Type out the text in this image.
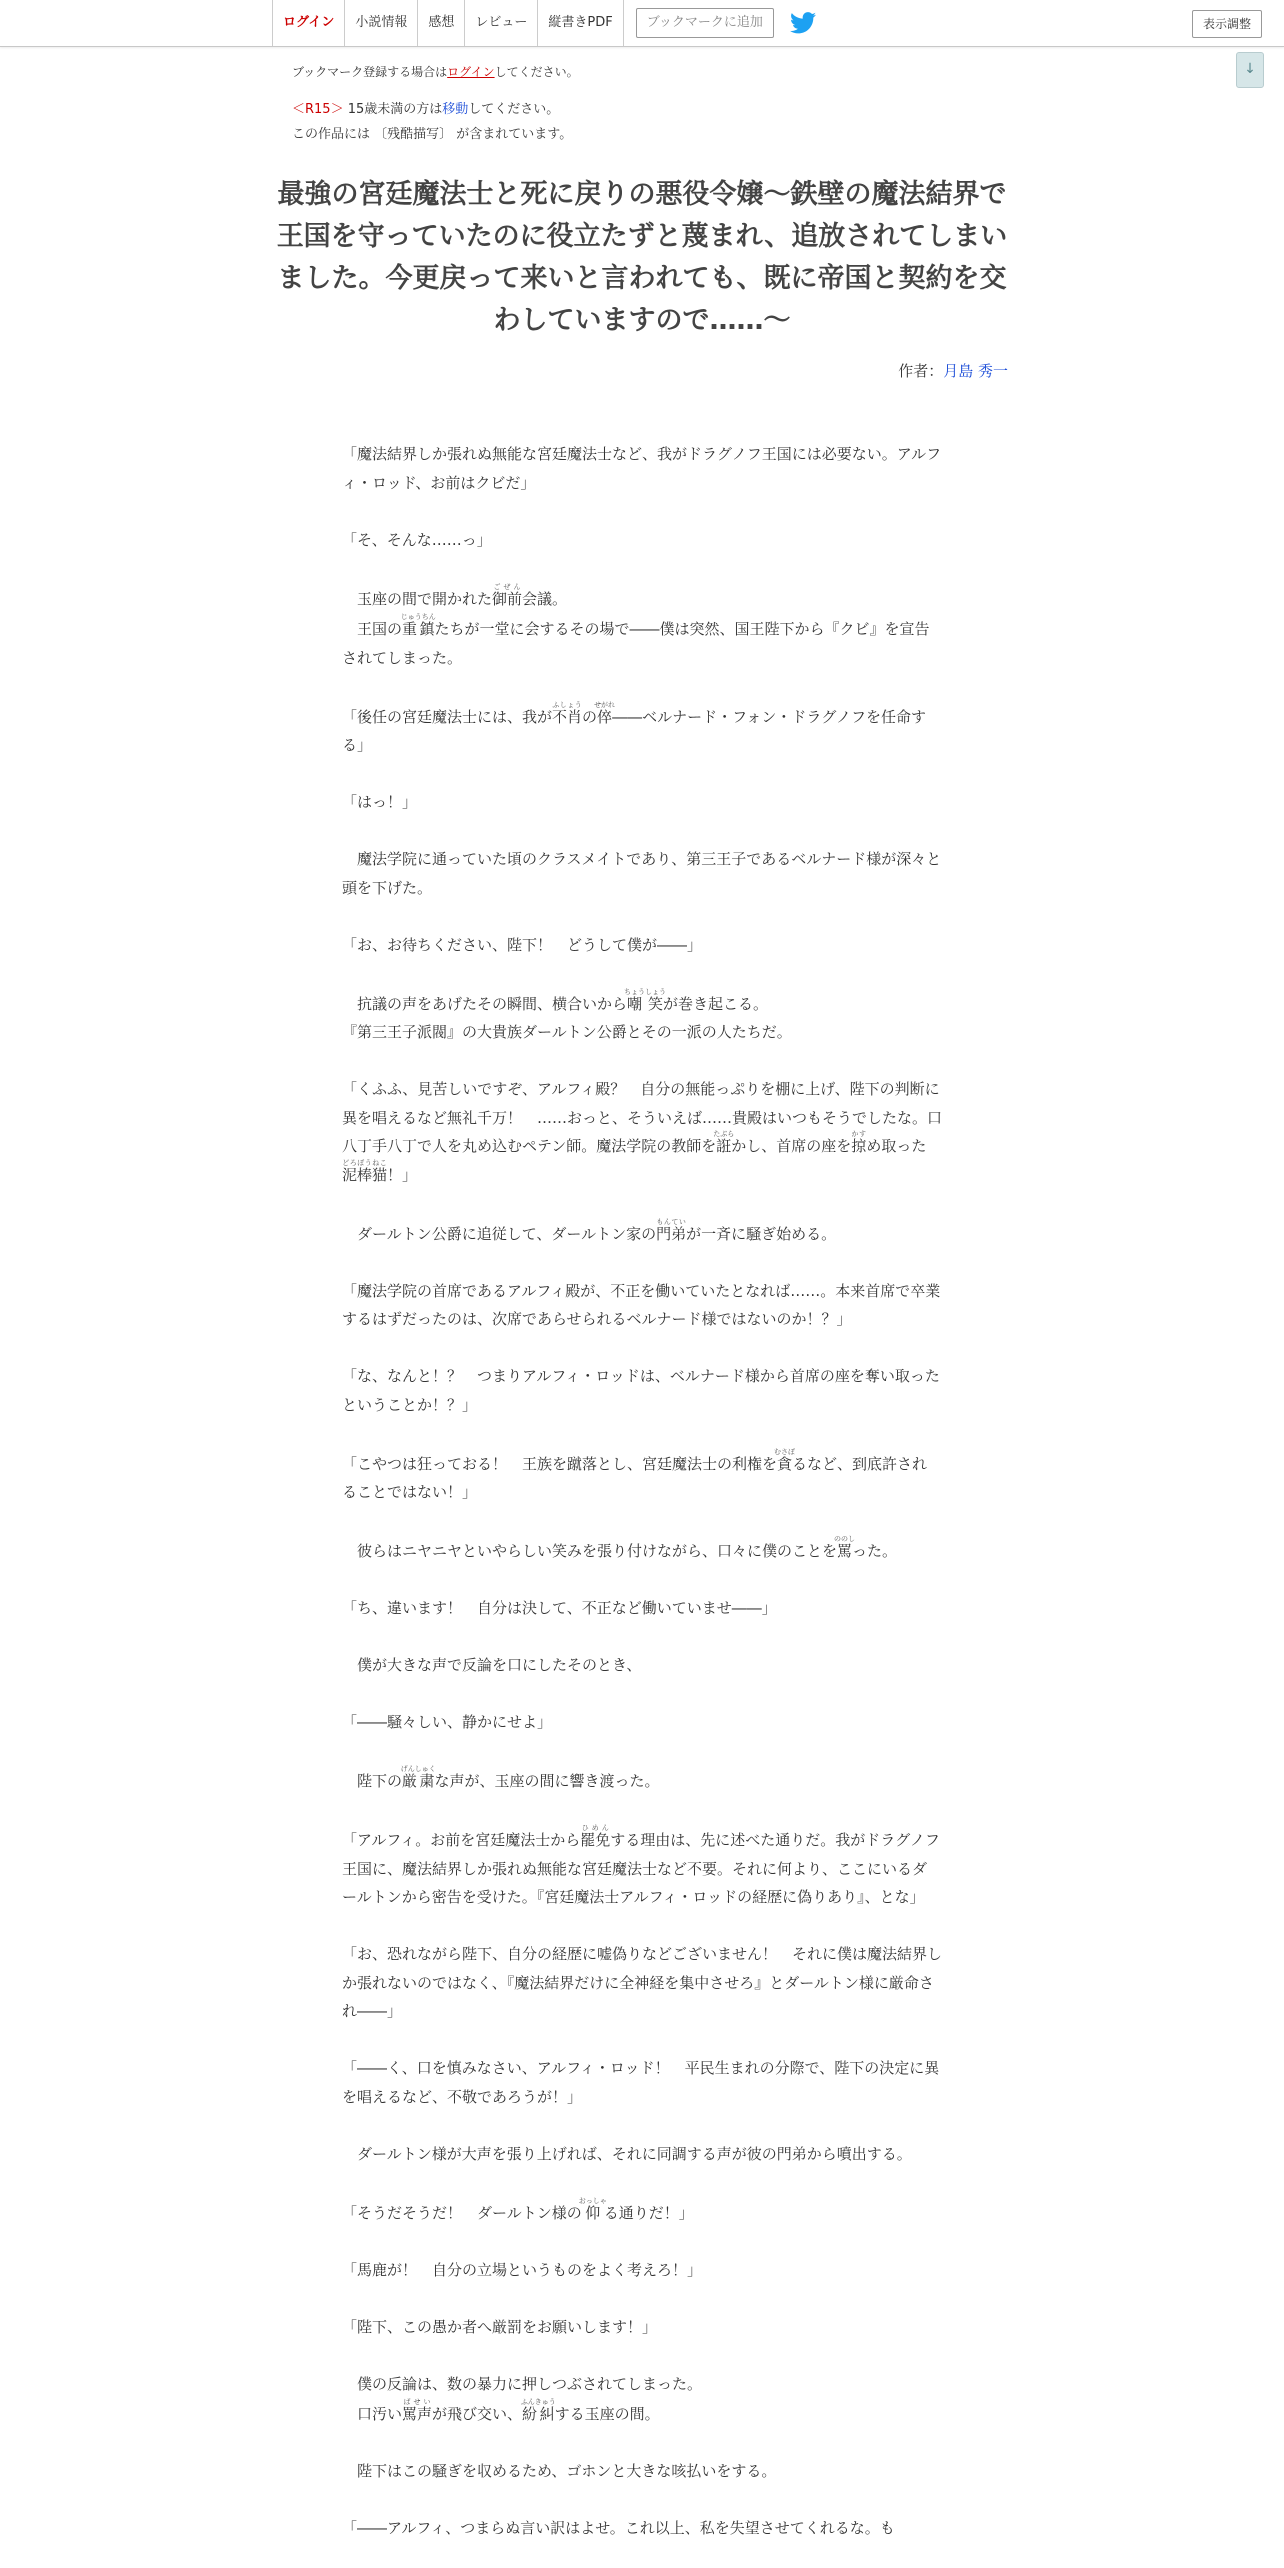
ログイン	小説情報	感想	レビュー	縦書きPDF	ブックマークに追加	表示調整
↓
ブックマーク登録する場合はログインしてください。
＜R15＞ 15歳未満の方は移動してください。
この作品には 〔残酷描写〕 が含まれています。
最強の宮廷魔法士と死に戻りの悪役令嬢～鉄壁の魔法結界で王国を守っていたのに役立たずと蔑まれ、追放されてしまいました。今更戻って来いと言われても、既に帝国と契約を交わしていますので……～
作者：月島 秀一

「魔法結界しか張れぬ無能な宮廷魔法士など、我がドラグノフ王国には必要ない。アルフィ・ロッド、お前はクビだ」

「そ、そんな……っ」

　玉座の間で開かれた御前ごぜん会議。

　王国の重鎮じゅうちんたちが一堂に会するその場で――僕は突然、国王陛下から『クビ』を宣告されてしまった。

「後任の宮廷魔法士には、我が不肖ふしょうの倅せがれ――ベルナード・フォン・ドラグノフを任命する」

「はっ！」

　魔法学院に通っていた頃のクラスメイトであり、第三王子であるベルナード様が深々と頭を下げた。

「お、お待ちください、陛下！　どうして僕が――」

　抗議の声をあげたその瞬間、横合いから嘲笑ちょうしょうが巻き起こる。

『第三王子派閥』の大貴族ダールトン公爵とその一派の人たちだ。

「くふふ、見苦しいですぞ、アルフィ殿？　自分の無能っぷりを棚に上げ、陛下の判断に異を唱えるなど無礼千万！　……おっと、そういえば……貴殿はいつもそうでしたな。口八丁手八丁で人を丸め込むペテン師。魔法学院の教師を誑たぶらかし、首席の座を掠かすめ取った泥棒猫どろぼうねこ！」

　ダールトン公爵に追従して、ダールトン家の門弟もんていが一斉に騒ぎ始める。

「魔法学院の首席であるアルフィ殿が、不正を働いていたとなれば……。本来首席で卒業するはずだったのは、次席であらせられるベルナード様ではないのか！？」

「な、なんと！？　つまりアルフィ・ロッドは、ベルナード様から首席の座を奪い取ったということか！？」

「こやつは狂っておる！　王族を蹴落とし、宮廷魔法士の利権を貪むさぼるなど、到底許されることではない！」

　彼らはニヤニヤといやらしい笑みを張り付けながら、口々に僕のことを罵ののしった。

「ち、違います！　自分は決して、不正など働いていませ――」

　僕が大きな声で反論を口にしたそのとき、

「――騒々しい、静かにせよ」

　陛下の厳粛げんしゅくな声が、玉座の間に響き渡った。

「アルフィ。お前を宮廷魔法士から罷免ひめんする理由は、先に述べた通りだ。我がドラグノフ王国に、魔法結界しか張れぬ無能な宮廷魔法士など不要。それに何より、ここにいるダールトンから密告を受けた。『宮廷魔法士アルフィ・ロッドの経歴に偽りあり』、とな」

「お、恐れながら陛下、自分の経歴に嘘偽りなどございません！　それに僕は魔法結界しか張れないのではなく、『魔法結界だけに全神経を集中させろ』とダールトン様に厳命され――」

「――く、口を慎みなさい、アルフィ・ロッド！　平民生まれの分際で、陛下の決定に異を唱えるなど、不敬であろうが！」

　ダールトン様が大声を張り上げれば、それに同調する声が彼の門弟から噴出する。

「そうだそうだ！　ダールトン様の仰おっしゃる通りだ！」

「馬鹿が！　自分の立場というものをよく考えろ！」

「陛下、この愚か者へ厳罰をお願いします！」

　僕の反論は、数の暴力に押しつぶされてしまった。

　口汚い罵声ばせいが飛び交い、紛糾ふんきゅうする玉座の間。

　陛下はこの騒ぎを収めるため、ゴホンと大きな咳払いをする。

「――アルフィ、つまらぬ言い訳はよせ。これ以上、私を失望させてくれるな。も
